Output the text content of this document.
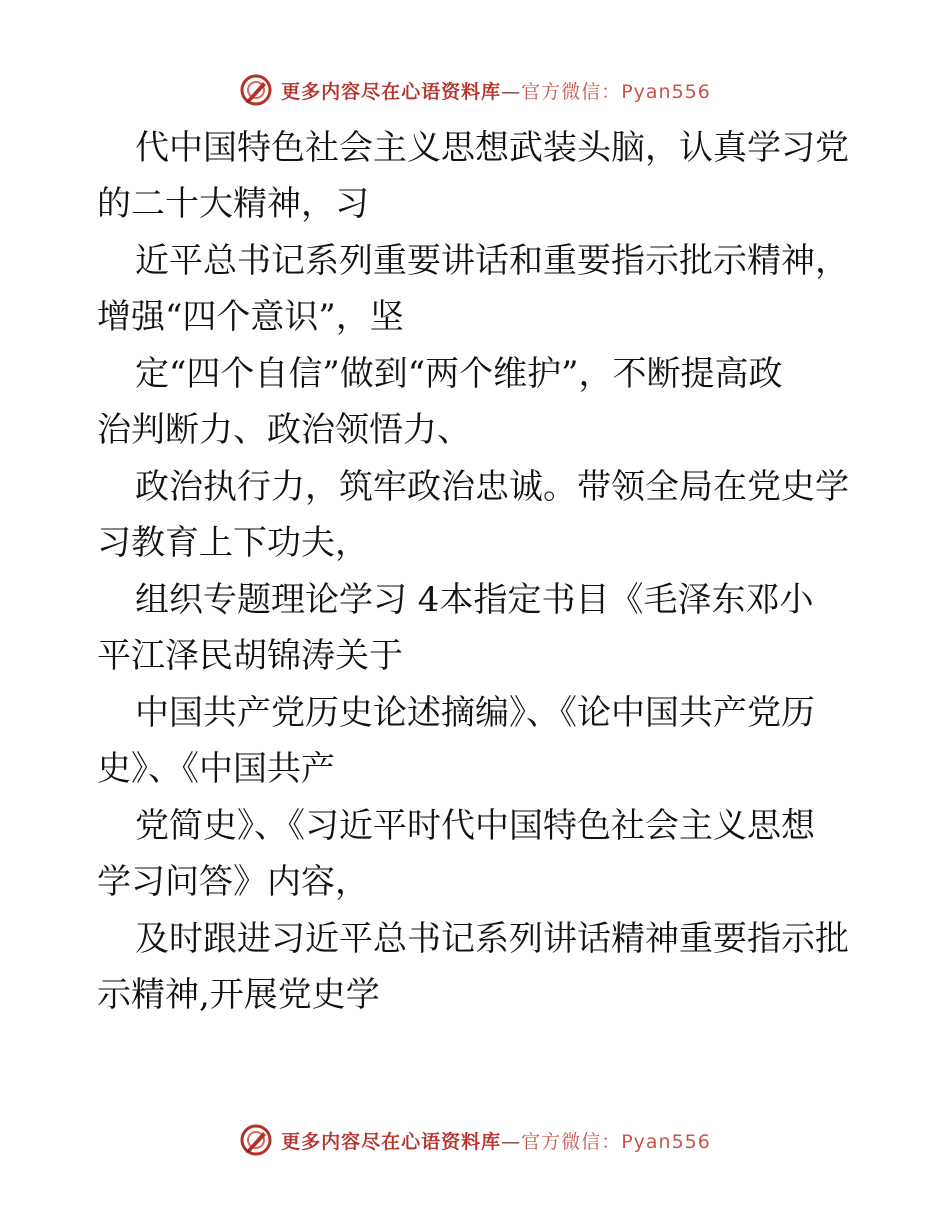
更多内容尽在心语资料库—官方微信：Pyan556

代中国特色社会主义思想武装头脑，认真学习党
的二十大精神，习

近平总书记系列重要讲话和重要指示批示精神，
增强“四个意识”，坚

定“四个自信”做到“两个维护”，不断提高政
治判断力、政治领悟力、

政治执行力，筑牢政治忠诚。带领全局在党史学
习教育上下功夫，

组织专题理论学习 4本指定书目《毛泽东邓小
平江泽民胡锦涛关于

中国共产党历史论述摘编》、《论中国共产党历
史》、《中国共产

党简史》、《习近平时代中国特色社会主义思想
学习问答》内容，

及时跟进习近平总书记系列讲话精神重要指示批
示精神,开展党史学

更多内容尽在心语资料库—官方微信：Pyan556
